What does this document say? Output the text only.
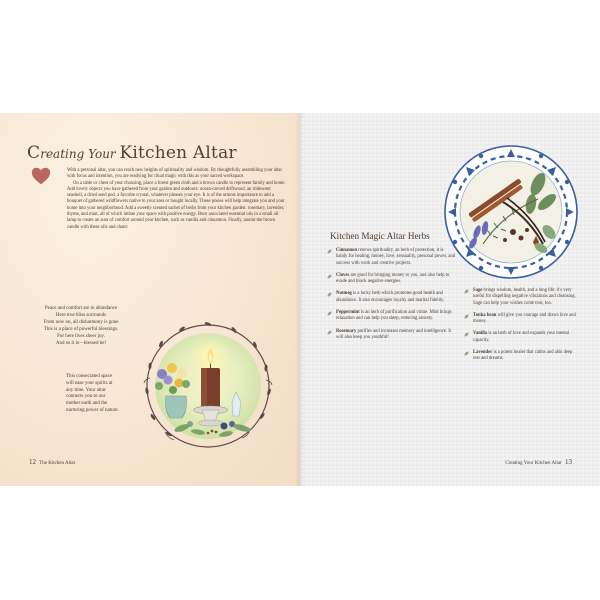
Creating Your Kitchen Altar

With a personal altar, you can reach new heights of spirituality and wisdom. By thoughtfully assembling your altar with focus and intention, you are readying for ritual magic with this as your sacred workspace.

On a table or chest of your choosing, place a forest green cloth and a brown candle to represent family and home. Add lovely objects you have gathered from your garden and outdoors: ocean-carved driftwood, an iridescent seashell, a dried seed pod, a favorite crystal, whatever pleases your eye. It is of the utmost importance to add a bouquet of gathered wildflowers native to your area or bought locally. These posies will help integrate you and your home into your neighborhood. Add a sweetly scented sachet of herbs from your kitchen garden: rosemary, lavender, thyme, and mint, all of which imbue your space with positive energy. Burn associated essential oils in a small oil lamp to create an aura of comfort around your kitchen, such as vanilla and cinnamon. Finally, anoint the brown candle with these oils and chant:

Peace and comfort are in abundance
Here true bliss surrounds
From now on, all disharmony is gone
This is a place of powerful blessings.
For here lives sheer joy.
And so it is—blessed be!
This consecrated space
will ease your spirits at
any time. Your altar
connects you to our
mother earth and the
nurturing power of nature.
12 The Kitchen Altar
Kitchen Magic Altar Herbs
Cinnamon renews spirituality, an herb of protection, it is handy for healing, money, love, sensuality, personal power, and success with work and creative projects.
Cloves are good for bringing money to you, and also help to evade and block negative energies.
Nutmeg is a lucky herb which promotes good health and abundance. It also encourages loyalty and marital fidelity.
Peppermint is an herb of purification and virtue. Mint brings relaxation and can help you sleep, reducing anxiety.
Rosemary purifies and increases memory and intelligence. It will also keep you youthful!
Sage brings wisdom, health, and a long life; it's very useful for dispelling negative vibrations and cleansing. Sage can help your wishes come true, too.
Tonka bean will give you courage and draws love and money.
Vanilla is an herb of love and expands your mental capacity.
Lavender is a potent healer that calms and aids deep rest and dreams.
Creating Your Kitchen Altar 13
